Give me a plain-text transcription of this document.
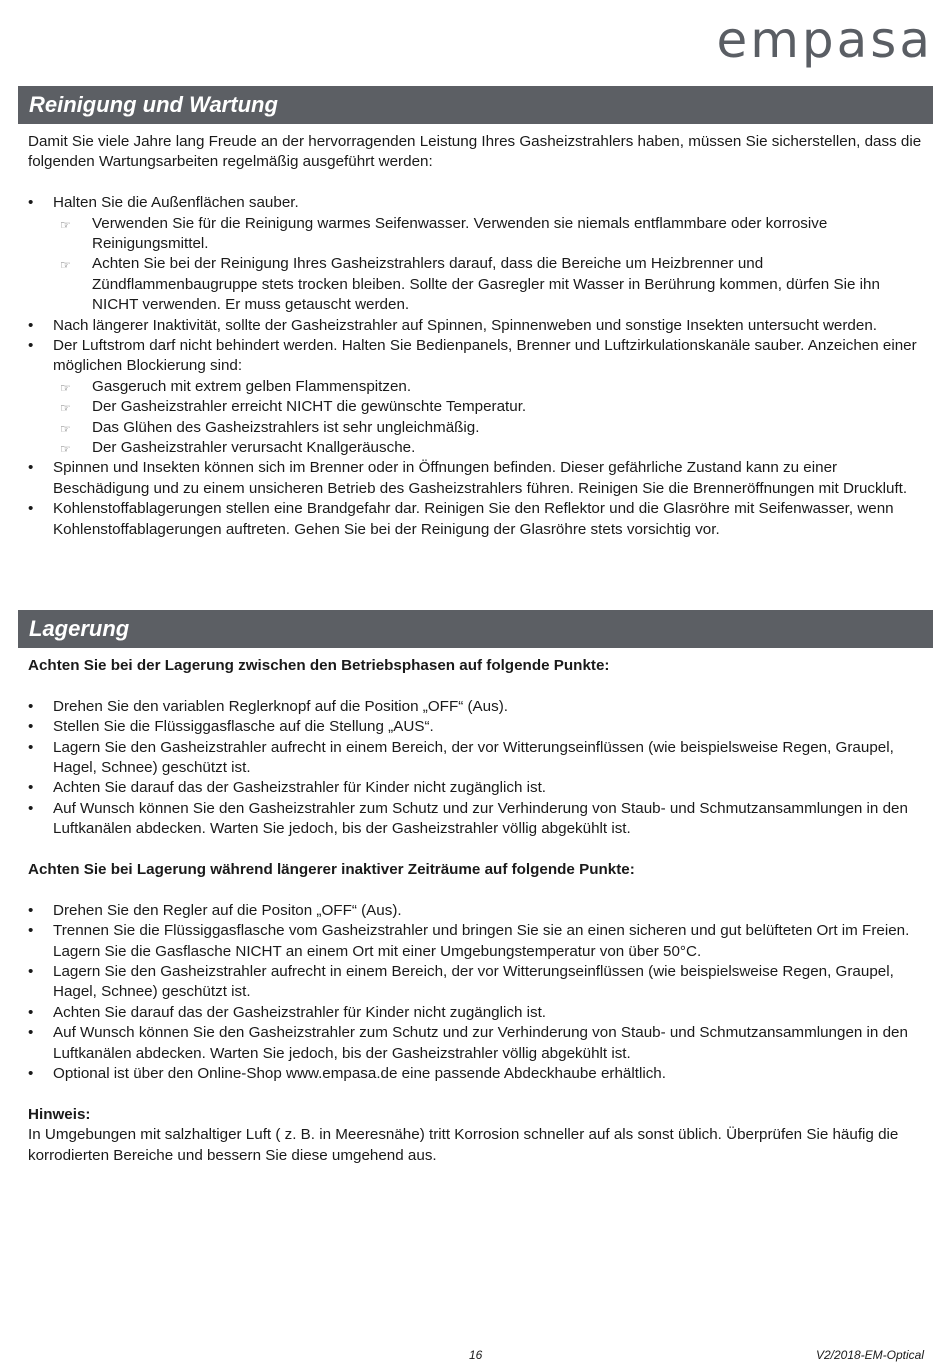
empasa
Reinigung und Wartung

Damit Sie viele Jahre lang Freude an der hervorragenden Leistung Ihres Gasheizstrahlers haben, müssen Sie sicherstellen, dass die folgenden Wartungsarbeiten regelmäßig ausgeführt werden:

•
Halten Sie die Außenflächen sauber.
☞ Verwenden Sie für die Reinigung warmes Seifenwasser. Verwenden sie niemals entflammbare oder korrosive Reinigungsmittel.
☞ Achten Sie bei der Reinigung Ihres Gasheizstrahlers darauf, dass die Bereiche um Heizbrenner und Zündflammenbaugruppe stets trocken bleiben. Sollte der Gasregler mit Wasser in Berührung kommen, dürfen Sie ihn NICHT verwenden. Er muss getauscht werden.
•
Nach längerer Inaktivität, sollte der Gasheizstrahler auf Spinnen, Spinnenweben und sonstige Insekten untersucht werden.
•
Der Luftstrom darf nicht behindert werden. Halten Sie Bedienpanels, Brenner und Luftzirkulationskanäle sauber. Anzeichen einer möglichen Blockierung sind:
☞ Gasgeruch mit extrem gelben Flammenspitzen.
☞ Der Gasheizstrahler erreicht NICHT die gewünschte Temperatur.
☞ Das Glühen des Gasheizstrahlers ist sehr ungleichmäßig.
☞ Der Gasheizstrahler verursacht Knallgeräusche.
•
Spinnen und Insekten können sich im Brenner oder in Öffnungen befinden. Dieser gefährliche Zustand kann zu einer Beschädigung und zu einem unsicheren Betrieb des Gasheizstrahlers führen. Reinigen Sie die Brenneröffnungen mit Druckluft.
•
Kohlenstoffablagerungen stellen eine Brandgefahr dar. Reinigen Sie den Reflektor und die Glasröhre mit Seifenwasser, wenn Kohlenstoffablagerungen auftreten. Gehen Sie bei der Reinigung der Glasröhre stets vorsichtig vor.
Lagerung

Achten Sie bei der Lagerung zwischen den Betriebsphasen auf folgende Punkte:

•
Drehen Sie den variablen Reglerknopf auf die Position „OFF“ (Aus).
•
Stellen Sie die Flüssiggasflasche auf die Stellung „AUS“.
•
Lagern Sie den Gasheizstrahler aufrecht in einem Bereich, der vor Witterungseinflüssen (wie beispielsweise Regen, Graupel, Hagel, Schnee) geschützt ist.
•
Achten Sie darauf das der Gasheizstrahler für Kinder nicht zugänglich ist.
•
Auf Wunsch können Sie den Gasheizstrahler zum Schutz und zur Verhinderung von Staub- und Schmutzansammlungen in den Luftkanälen abdecken. Warten Sie jedoch, bis der Gasheizstrahler völlig abgekühlt ist.

Achten Sie bei Lagerung während längerer inaktiver Zeiträume auf folgende Punkte:

•
Drehen Sie den Regler auf die Positon „OFF“ (Aus).
•
Trennen Sie die Flüssiggasflasche vom Gasheizstrahler und bringen Sie sie an einen sicheren und gut belüfteten Ort im Freien. Lagern Sie die Gasflasche NICHT an einem Ort mit einer Umgebungstemperatur von über 50°C.
•
Lagern Sie den Gasheizstrahler aufrecht in einem Bereich, der vor Witterungseinflüssen (wie beispielsweise Regen, Graupel, Hagel, Schnee) geschützt ist.
•
Achten Sie darauf das der Gasheizstrahler für Kinder nicht zugänglich ist.
•
Auf Wunsch können Sie den Gasheizstrahler zum Schutz und zur Verhinderung von Staub- und Schmutzansammlungen in den Luftkanälen abdecken. Warten Sie jedoch, bis der Gasheizstrahler völlig abgekühlt ist.
•
Optional ist über den Online-Shop www.empasa.de eine passende Abdeckhaube erhältlich.

Hinweis:

In Umgebungen mit salzhaltiger Luft ( z. B. in Meeresnähe) tritt Korrosion schneller auf als sonst üblich. Überprüfen Sie häufig die korrodierten Bereiche und bessern Sie diese umgehend aus.

16	V2/2018-EM-Optical
